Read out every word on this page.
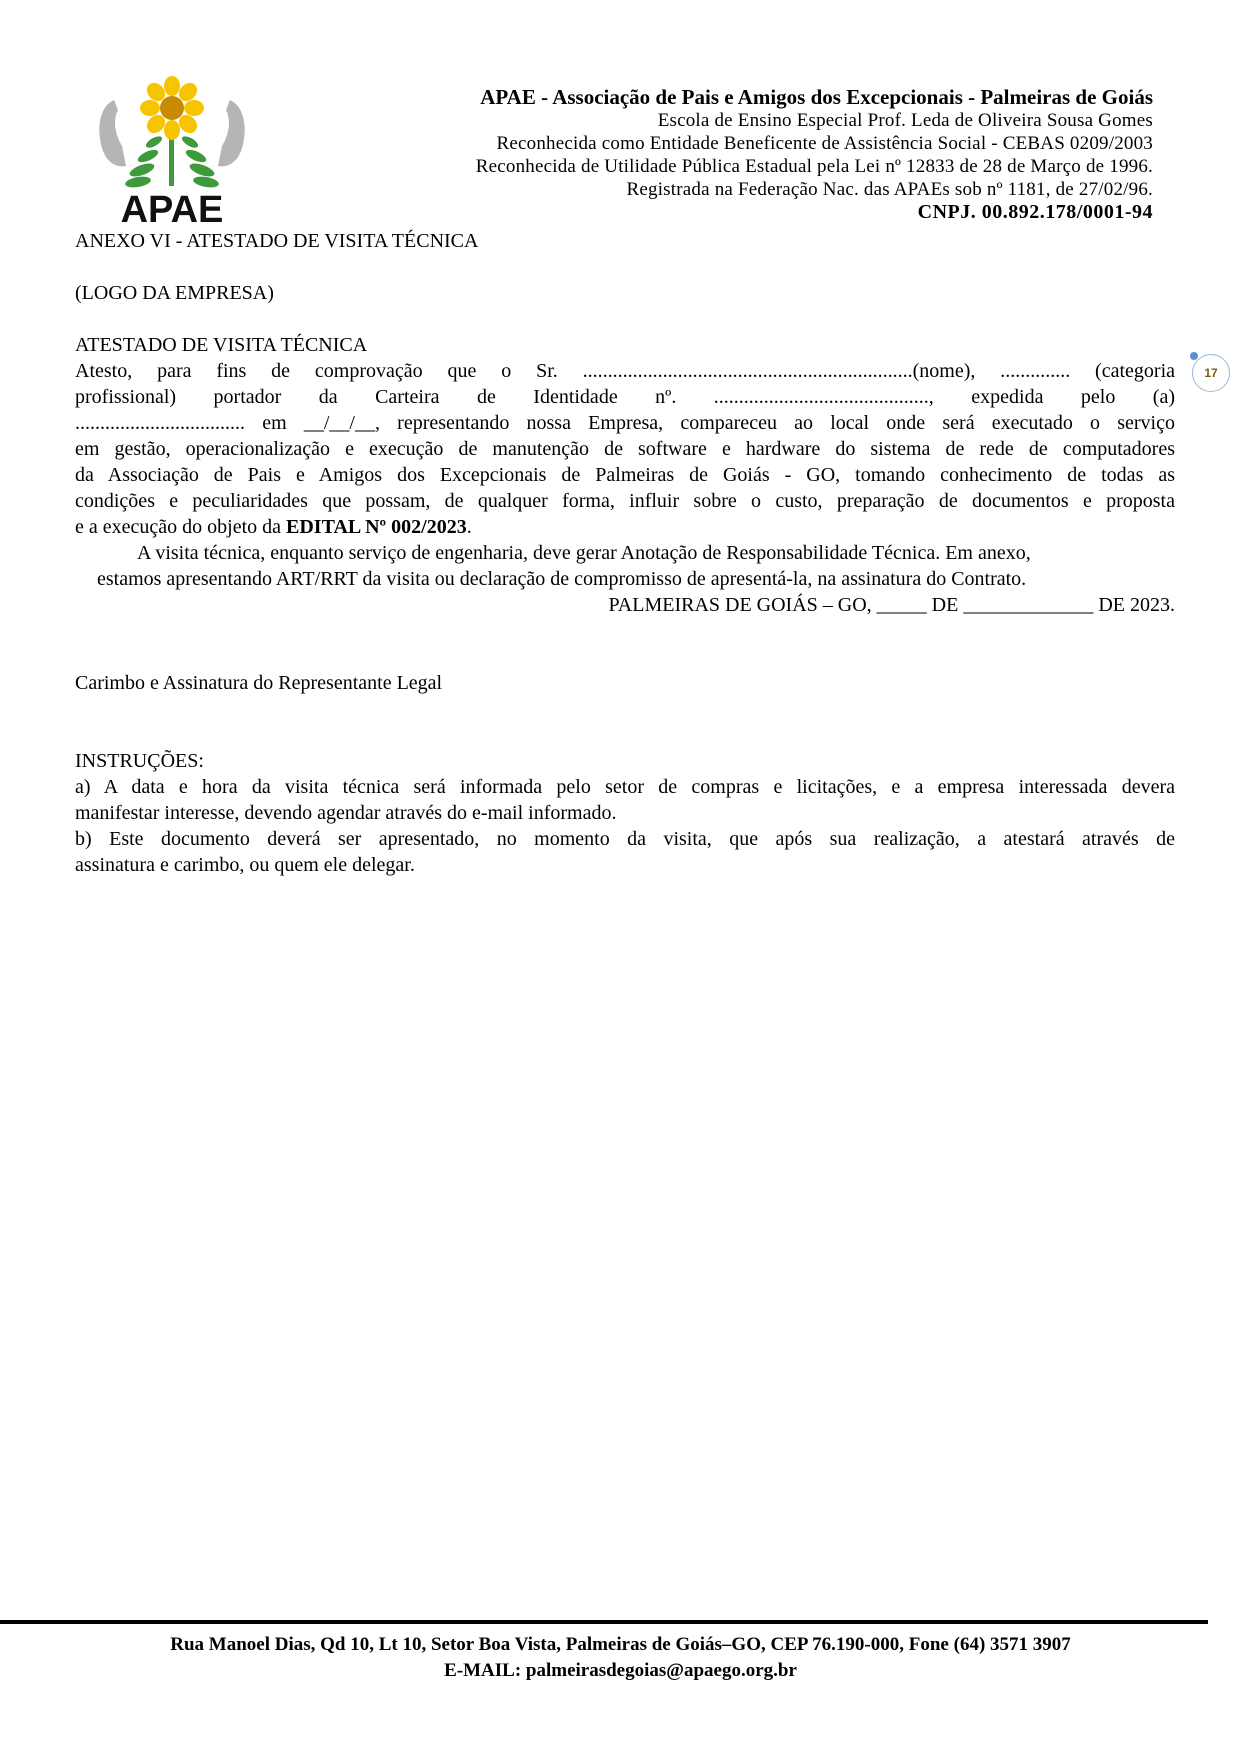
APAE
APAE - Associação de Pais e Amigos dos Excepcionais - Palmeiras de Goiás
Escola de Ensino Especial Prof. Leda de Oliveira Sousa Gomes
Reconhecida como Entidade Beneficente de Assistência Social - CEBAS 0209/2003
Reconhecida de Utilidade Pública Estadual pela Lei nº 12833 de 28 de Março de 1996.
Registrada na Federação Nac. das APAEs sob nº 1181, de 27/02/96.
CNPJ. 00.892.178/0001-94
17
ANEXO VI - ATESTADO DE VISITA TÉCNICA
(LOGO DA EMPRESA)
ATESTADO DE VISITA TÉCNICA
Atesto, para fins de comprovação que o Sr. ..................................................................(nome), .............. (categoria
profissional) portador da Carteira de Identidade nº. ..........................................., expedida pelo (a)
.................................. em __/__/__, representando nossa Empresa, compareceu ao local onde será executado o serviço
em gestão, operacionalização e execução de manutenção de software e hardware do sistema de rede de computadores
da Associação de Pais e Amigos dos Excepcionais de Palmeiras de Goiás - GO, tomando conhecimento de todas as
condições e peculiaridades que possam, de qualquer forma, influir sobre o custo, preparação de documentos e proposta
e a execução do objeto da EDITAL Nº 002/2023.
A visita técnica, enquanto serviço de engenharia, deve gerar Anotação de Responsabilidade Técnica. Em anexo,
estamos apresentando ART/RRT da visita ou declaração de compromisso de apresentá-la, na assinatura do Contrato.
PALMEIRAS DE GOIÁS – GO, _____ DE _____________ DE 2023.
Carimbo e Assinatura do Representante Legal
INSTRUÇÕES:
a) A data e hora da visita técnica será informada pelo setor de compras e licitações, e a empresa interessada devera
manifestar interesse, devendo agendar através do e-mail informado.
b) Este documento deverá ser apresentado, no momento da visita, que após sua realização, a atestará através de
assinatura e carimbo, ou quem ele delegar.
Rua Manoel Dias, Qd 10, Lt 10, Setor Boa Vista, Palmeiras de Goiás–GO, CEP 76.190-000, Fone (64) 3571 3907
E-MAIL: palmeirasdegoias@apaego.org.br
